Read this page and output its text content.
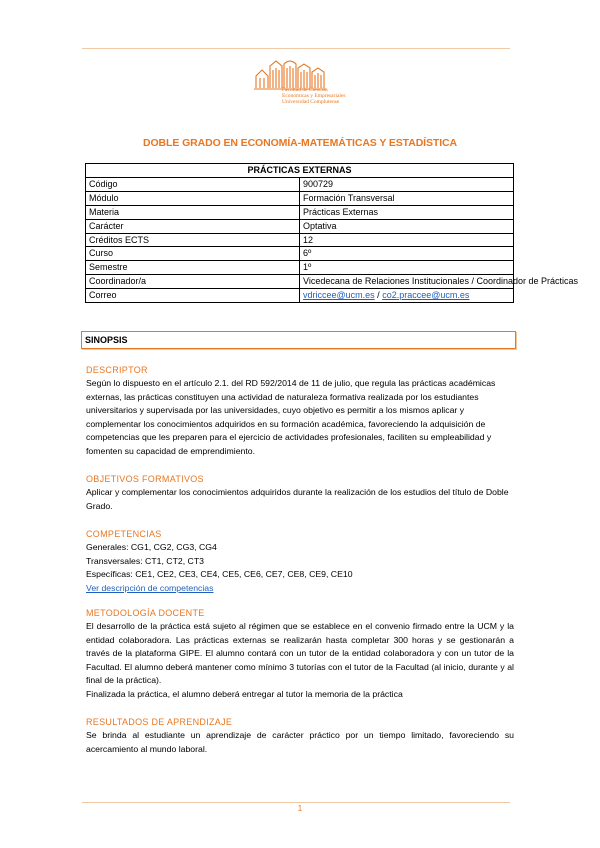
Facultad de Ciencias
Económicas y Empresariales
Universidad Complutense
DOBLE GRADO EN ECONOMÍA-MATEMÁTICAS Y ESTADÍSTICA
PRÁCTICAS EXTERNAS	
Código	900729
Módulo	Formación Transversal
Materia	Prácticas Externas
Carácter	Optativa
Créditos ECTS	12
Curso	6º
Semestre	1º
Coordinador/a	Vicedecana de Relaciones Institucionales / Coordinador de Prácticas
Correo	vdriccee@ucm.es / co2.praccee@ucm.es
SINOPSIS
DESCRIPTOR

Según lo dispuesto en el artículo 2.1. del RD 592/2014 de 11 de julio, que regula las prácticas académicas externas, las prácticas constituyen una actividad de naturaleza formativa realizada por los estudiantes universitarios y supervisada por las universidades, cuyo objetivo es permitir a los mismos aplicar y complementar los conocimientos adquiridos en su formación académica, favoreciendo la adquisición de competencias que les preparen para el ejercicio de actividades profesionales, faciliten su empleabilidad y fomenten su capacidad de emprendimiento.

OBJETIVOS FORMATIVOS

Aplicar y complementar los conocimientos adquiridos durante la realización de los estudios del título de Doble Grado.

COMPETENCIAS

Generales: CG1, CG2, CG3, CG4

Transversales: CT1, CT2, CT3

Específicas: CE1, CE2, CE3, CE4, CE5, CE6, CE7, CE8, CE9, CE10

Ver descripción de competencias

METODOLOGÍA DOCENTE

El desarrollo de la práctica está sujeto al régimen que se establece en el convenio firmado entre la UCM y la entidad colaboradora. Las prácticas externas se realizarán hasta completar 300 horas y se gestionarán a través de la plataforma GIPE. El alumno contará con un tutor de la entidad colaboradora y con un tutor de la Facultad. El alumno deberá mantener como mínimo 3 tutorías con el tutor de la Facultad (al inicio, durante y al final de la práctica).

Finalizada la práctica, el alumno deberá entregar al tutor la memoria de la práctica

RESULTADOS DE APRENDIZAJE

Se brinda al estudiante un aprendizaje de carácter práctico por un tiempo limitado, favoreciendo su acercamiento al mundo laboral.

1
